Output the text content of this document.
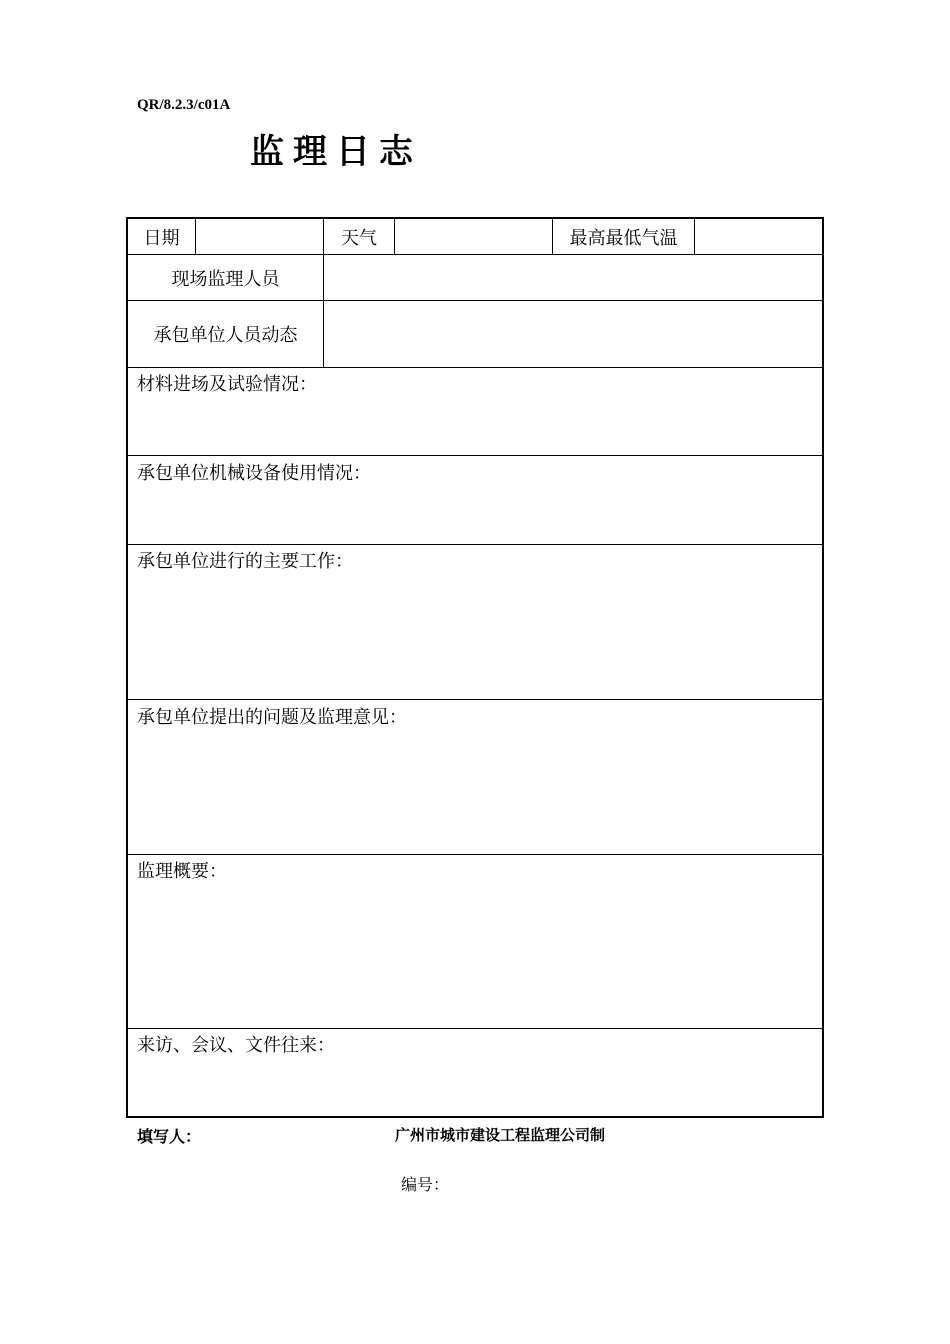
QR/8.2.3/c01A
监理日志
日期	天气	最高最低气温
现场监理人员
承包单位人员动态
材料进场及试验情况：
承包单位机械设备使用情况：
承包单位进行的主要工作：
承包单位提出的问题及监理意见：
监理概要：
来访、会议、文件往来：
填写人：	广州市城市建设工程监理公司制
编号：
